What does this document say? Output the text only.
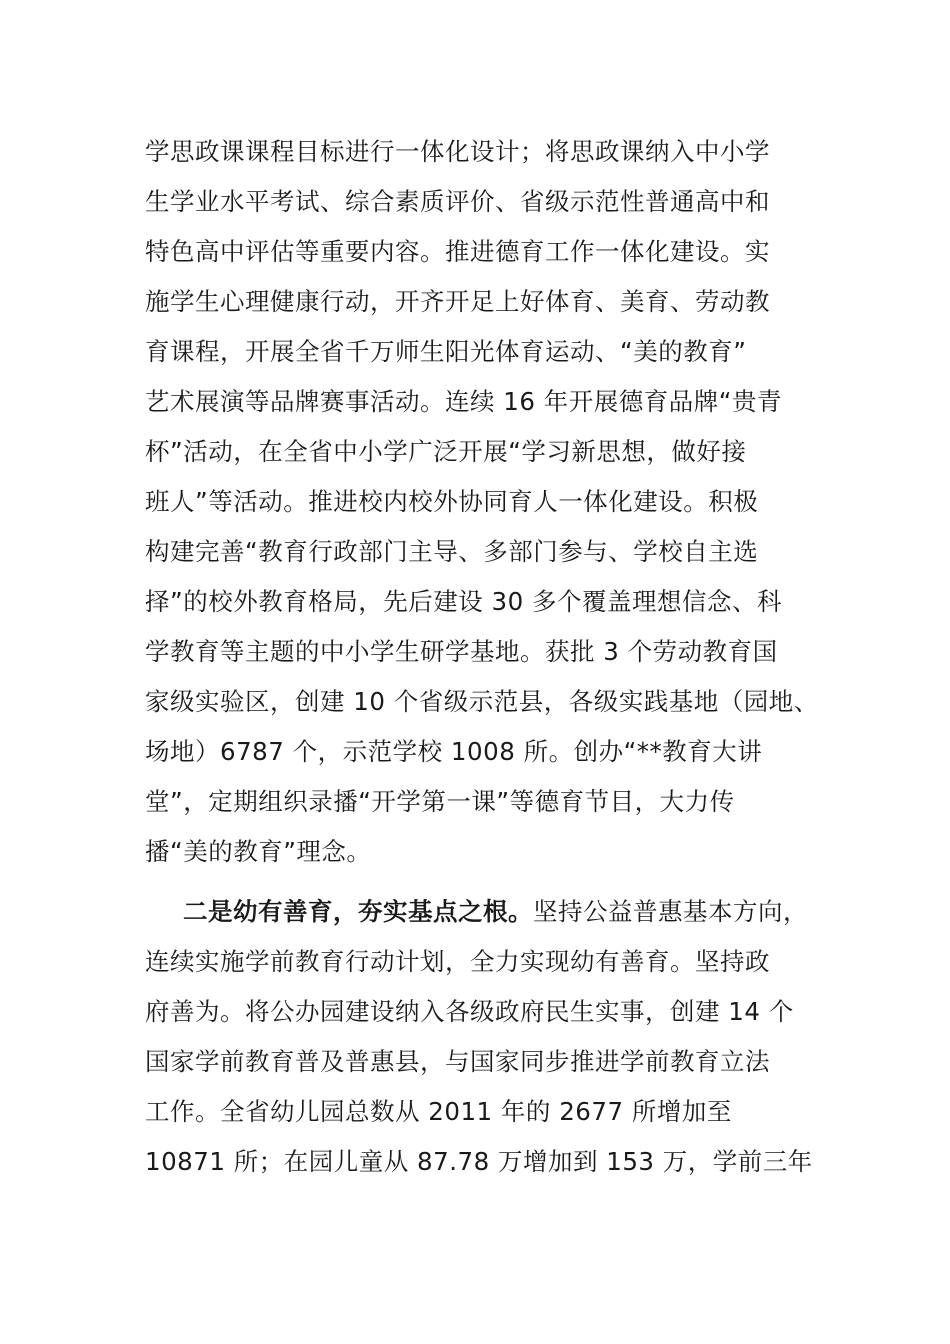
学思政课课程目标进行一体化设计；将思政课纳入中小学
生学业水平考试、综合素质评价、省级示范性普通高中和
特色高中评估等重要内容。推进德育工作一体化建设。实
施学生心理健康行动，开齐开足上好体育、美育、劳动教
育课程，开展全省千万师生阳光体育运动、“美的教育”
艺术展演等品牌赛事活动。连续 16 年开展德育品牌“贵青
杯”活动，在全省中小学广泛开展“学习新思想，做好接
班人”等活动。推进校内校外协同育人一体化建设。积极
构建完善“教育行政部门主导、多部门参与、学校自主选
择”的校外教育格局，先后建设 30 多个覆盖理想信念、科
学教育等主题的中小学生研学基地。获批 3 个劳动教育国
家级实验区，创建 10 个省级示范县，各级实践基地（园地、
场地）6787 个，示范学校 1008 所。创办“**教育大讲
堂”，定期组织录播“开学第一课”等德育节目，大力传
播“美的教育”理念。
二是幼有善育，夯实基点之根。坚持公益普惠基本方向，
连续实施学前教育行动计划，全力实现幼有善育。坚持政
府善为。将公办园建设纳入各级政府民生实事，创建 14 个
国家学前教育普及普惠县，与国家同步推进学前教育立法
工作。全省幼儿园总数从 2011 年的 2677 所增加至
10871 所；在园儿童从 87.78 万增加到 153 万，学前三年
